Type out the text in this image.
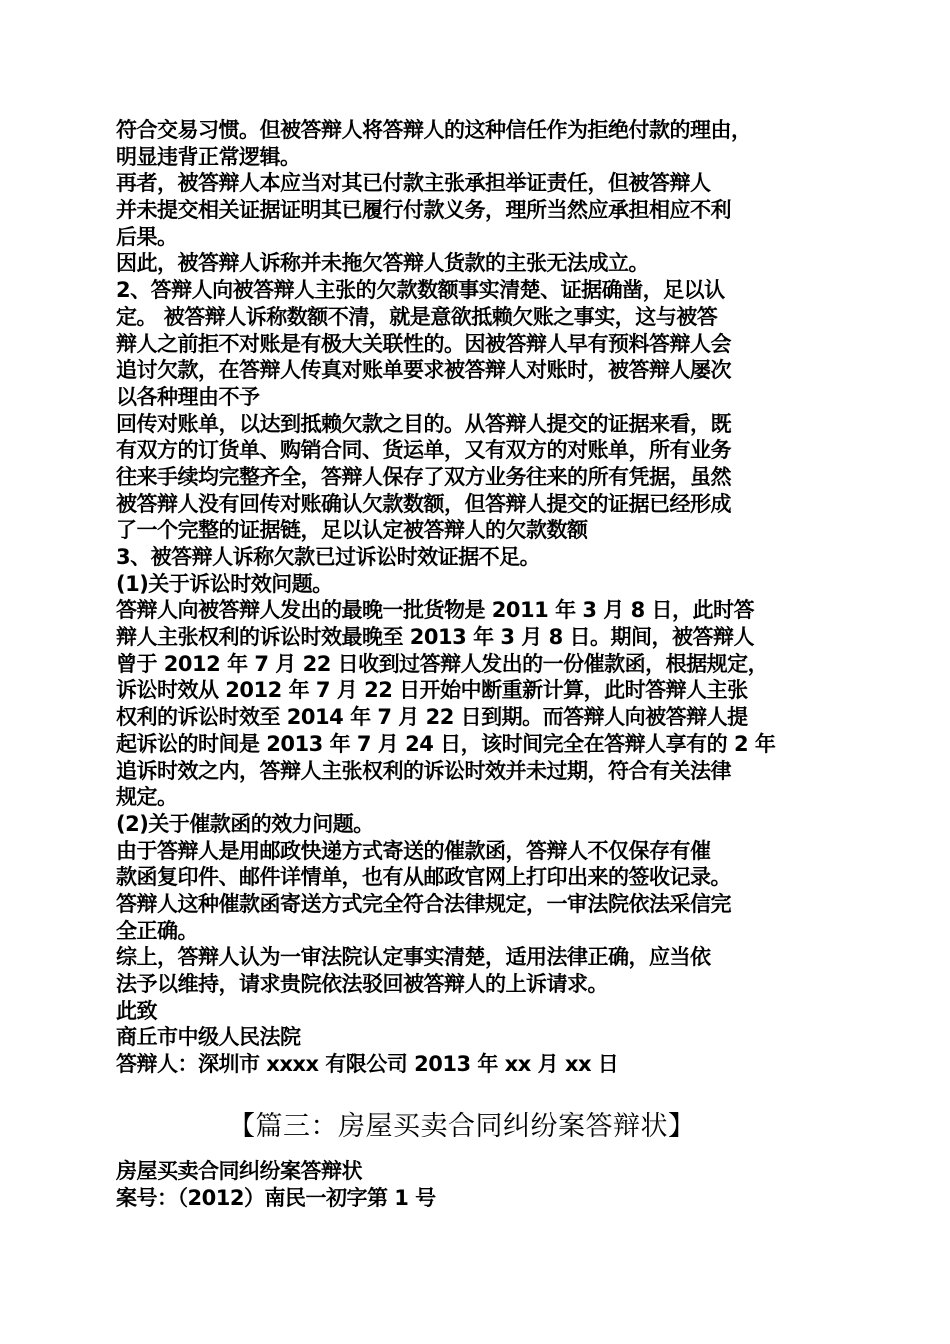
符合交易习惯。但被答辩人将答辩人的这种信任作为拒绝付款的理由，
明显违背正常逻辑。
再者，被答辩人本应当对其已付款主张承担举证责任，但被答辩人
并未提交相关证据证明其已履行付款义务，理所当然应承担相应不利
后果。
因此，被答辩人诉称并未拖欠答辩人货款的主张无法成立。
2、答辩人向被答辩人主张的欠款数额事实清楚、证据确凿，足以认
定。 被答辩人诉称数额不清，就是意欲抵赖欠账之事实，这与被答
辩人之前拒不对账是有极大关联性的。因被答辩人早有预料答辩人会
追讨欠款，在答辩人传真对账单要求被答辩人对账时，被答辩人屡次
以各种理由不予
回传对账单，以达到抵赖欠款之目的。从答辩人提交的证据来看，既
有双方的订货单、购销合同、货运单，又有双方的对账单，所有业务
往来手续均完整齐全，答辩人保存了双方业务往来的所有凭据，虽然
被答辩人没有回传对账确认欠款数额，但答辩人提交的证据已经形成
了一个完整的证据链，足以认定被答辩人的欠款数额
3、被答辩人诉称欠款已过诉讼时效证据不足。
(1)关于诉讼时效问题。
答辩人向被答辩人发出的最晚一批货物是 2011 年 3 月 8 日，此时答
辩人主张权利的诉讼时效最晚至 2013 年 3 月 8 日。期间，被答辩人
曾于 2012 年 7 月 22 日收到过答辩人发出的一份催款函，根据规定，
诉讼时效从 2012 年 7 月 22 日开始中断重新计算，此时答辩人主张
权利的诉讼时效至 2014 年 7 月 22 日到期。而答辩人向被答辩人提
起诉讼的时间是 2013 年 7 月 24 日，该时间完全在答辩人享有的 2 年
追诉时效之内，答辩人主张权利的诉讼时效并未过期，符合有关法律
规定。
(2)关于催款函的效力问题。
由于答辩人是用邮政快递方式寄送的催款函，答辩人不仅保存有催
款函复印件、邮件详情单，也有从邮政官网上打印出来的签收记录。
答辩人这种催款函寄送方式完全符合法律规定，一审法院依法采信完
全正确。
综上，答辩人认为一审法院认定事实清楚，适用法律正确，应当依
法予以维持，请求贵院依法驳回被答辩人的上诉请求。
此致
商丘市中级人民法院
答辩人：深圳市 xxxx 有限公司 2013 年 xx 月 xx 日
【篇三：房屋买卖合同纠纷案答辩状】
房屋买卖合同纠纷案答辩状
案号：（2012）南民一初字第 1 号
